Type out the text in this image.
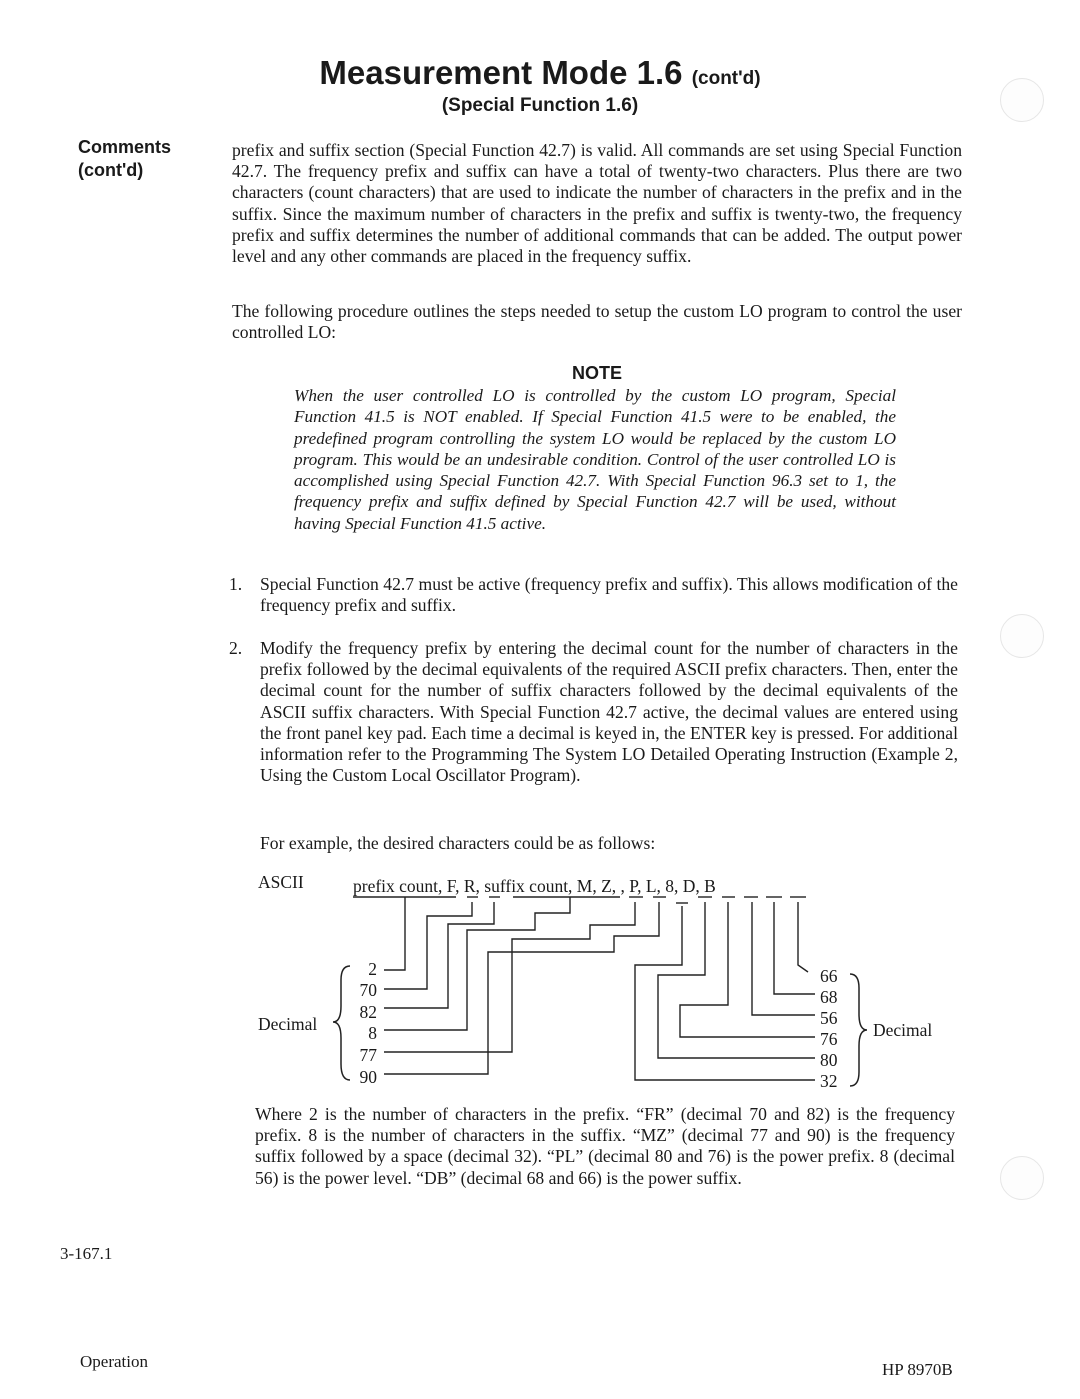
Measurement Mode 1.6 (cont'd)
(Special Function 1.6)
Comments
(cont'd)
prefix and suffix section (Special Function 42.7) is valid. All commands are set using Special Function 42.7. The frequency prefix and suffix can have a total of twenty-two characters. Plus there are two characters (count characters) that are used to indicate the number of characters in the prefix and in the suffix. Since the maximum number of characters in the prefix and suffix is twenty-two, the frequency prefix and suffix determines the number of additional commands that can be added. The output power level and any other commands are placed in the frequency suffix.
The following procedure outlines the steps needed to setup the custom LO program to control the user controlled LO:
NOTE
When the user controlled LO is controlled by the custom LO program, Special Function 41.5 is NOT enabled. If Special Function 41.5 were to be enabled, the predefined program controlling the system LO would be replaced by the custom LO program. This would be an undesirable condition. Control of the user controlled LO is accomplished using Special Function 42.7. With Special Function 96.3 set to 1, the frequency prefix and suffix defined by Special Function 42.7 will be used, without having Special Function 41.5 active.
1. Special Function 42.7 must be active (frequency prefix and suffix). This allows modification of the frequency prefix and suffix.
2. Modify the frequency prefix by entering the decimal count for the number of characters in the prefix followed by the decimal equivalents of the required ASCII prefix characters. Then, enter the decimal count for the number of suffix characters followed by the decimal equivalents of the ASCII suffix characters. With Special Function 42.7 active, the decimal values are entered using the front panel key pad. Each time a decimal is keyed in, the ENTER key is pressed. For additional information refer to the Programming The System LO Detailed Operating Instruction (Example 2, Using the Custom Local Oscillator Program).
For example, the desired characters could be as follows:
ASCII	prefix count, F, R, suffix count, M, Z, , P, L, 8, D, B
2
70
82
8
77
90
Decimal
66
68
56
76
80
32
Decimal
Where 2 is the number of characters in the prefix. “FR” (decimal 70 and 82) is the frequency prefix. 8 is the number of characters in the suffix. “MZ” (decimal 77 and 90) is the frequency suffix followed by a space (decimal 32). “PL” (decimal 80 and 76) is the power prefix. 8 (decimal 56) is the power level. “DB” (decimal 68 and 66) is the power suffix.
3-167.1
Operation	HP 8970B
